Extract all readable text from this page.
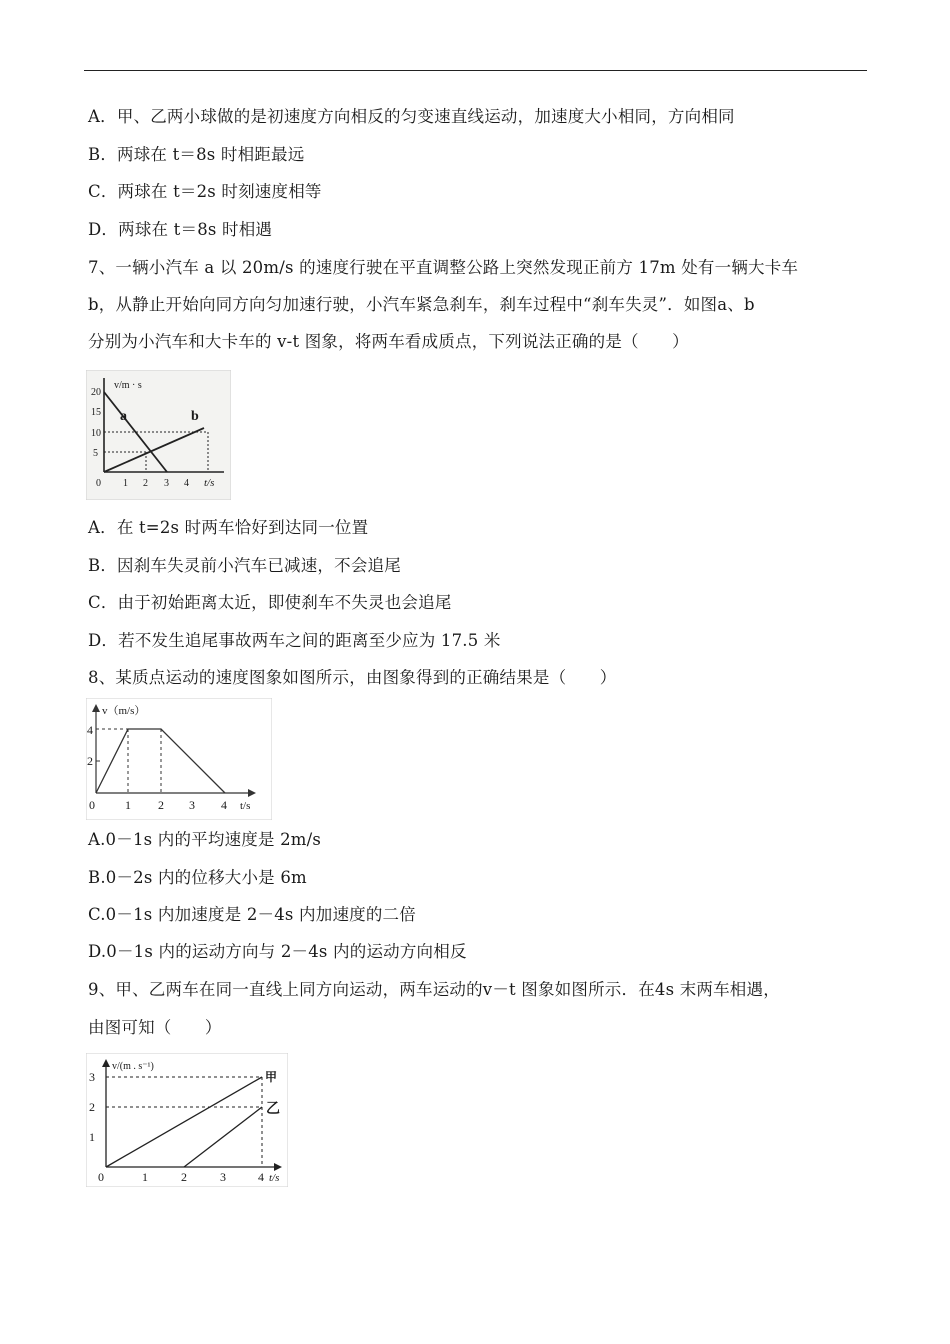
A．甲、乙两小球做的是初速度方向相反的匀变速直线运动，加速度大小相同，方向相同
B．两球在 t＝8s 时相距最远
C．两球在 t＝2s 时刻速度相等
D．两球在 t＝8s 时相遇
7、一辆小汽车 a 以 20m/s 的速度行驶在平直调整公路上突然发现正前方 17m 处有一辆大卡车
b，从静止开始向同方向匀加速行驶，小汽车紧急刹车，刹车过程中“刹车失灵”．如图a、b
分别为小汽车和大卡车的 v-t 图象，将两车看成质点，下列说法正确的是（　　）
v/m · s
20
15
10
5
0 1 2 3 4 t/s
a	b
A．在 t=2s 时两车恰好到达同一位置
B．因刹车失灵前小汽车已减速，不会追尾
C．由于初始距离太近，即使刹车不失灵也会追尾
D．若不发生追尾事故两车之间的距离至少应为 17.5 米
8、某质点运动的速度图象如图所示，由图象得到的正确结果是（　　）
v（m/s）
4
2
0	1 2 3 4 t/s
A.0－1s 内的平均速度是 2m/s
B.0－2s 内的位移大小是 6m
C.0－1s 内加速度是 2－4s 内加速度的二倍
D.0－1s 内的运动方向与 2－4s 内的运动方向相反
9、甲、乙两车在同一直线上同方向运动，两车运动的v－t 图象如图所示．在4s 末两车相遇，
由图可知（　　）
v/(m . s⁻¹)
3
2
1
0	1	2	3	4 t/s
甲
乙
